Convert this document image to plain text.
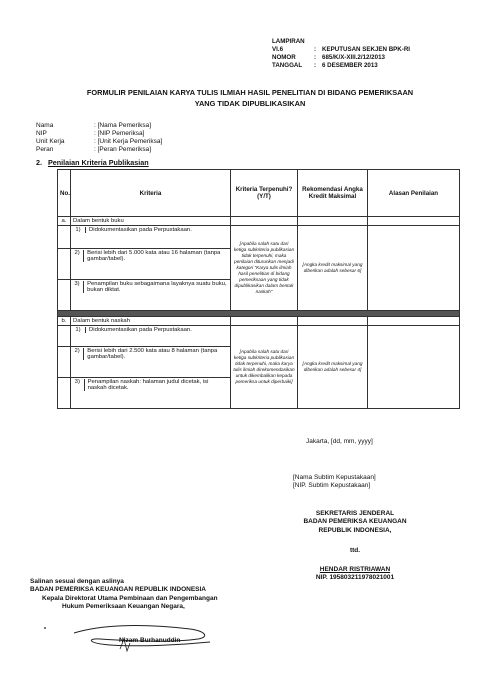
LAMPIRAN VI.6	: KEPUTUSAN SEKJEN BPK-RI
NOMOR	: 685/K/X-XIII.2/12/2013
TANGGAL : 6 DESEMBER 2013
FORMULIR PENILAIAN KARYA TULIS ILMIAH HASIL PENELITIAN DI BIDANG PEMERIKSAAN
YANG TIDAK DIPUBLIKASIKAN
Nama	: [Nama Pemeriksa]
NIP	: [NIP Pemeriksa]
Unit Kerja	: [Unit Kerja Pemeriksa]
Peran	: [Peran Pemeriksa]
2. Penilaian Kriteria Publikasian
No.	Kriteria	Kriteria Terpenuhi? (Y/T)	Rekomendasi Angka Kredit Maksimal	Alasan Penilaian
a.	Dalam bentuk buku			

	1) Didokumentasikan pada Perpustakaan.	[Apabila salah satu dari ketiga subkriteria publikasian tidak terpenuhi, maka penilaian diturunkan menjadi kategori "Karya tulis ilmiah hasil penelitian di bidang pemeriksaan yang tidak dipublikasikan dalam bentuk naskah"	[Angka kredit maksimal yang diberikan adalah sebesar 6]	

	2) Berisi lebih dari 5.000 kata atau 16 halaman (tanpa gambar/tabel).			

	3) Penampilan buku sebagaimana layaknya suatu buku, bukan diktat.			

b.	Dalam bentuk naskah			

	1) Didokumentasikan pada Perpustakaan.	[Apabila salah satu dari ketiga subkriteria publikasian tidak terpenuhi, maka karya tulis ilmiah direkomendasikan untuk dikembalikan kepada pemeriksa untuk diperbaiki]	[Angka kredit maksimal yang diberikan adalah sebesar 4]	

	2) Berisi lebih dari 2.500 kata atau 8 halaman (tanpa gambar/tabel).			

	3) Penampilan naskah: halaman judul dicetak, isi naskah dicetak.			
Jakarta, [dd, mm, yyyy]
[Nama Subtim Kepustakaan]
[NIP. Subtim Kepustakaan]
SEKRETARIS JENDERAL
BADAN PEMERIKSA KEUANGAN
REPUBLIK INDONESIA,
ttd.
HENDAR RISTRIAWAN
NIP. 195803211978021001
Salinan sesuai dengan aslinya
BADAN PEMERIKSA KEUANGAN REPUBLIK INDONESIA
Kepala Direktorat Utama Pembinaan dan Pengembangan
Hukum Pemeriksaan Keuangan Negara,
Nizam Burhanuddin
